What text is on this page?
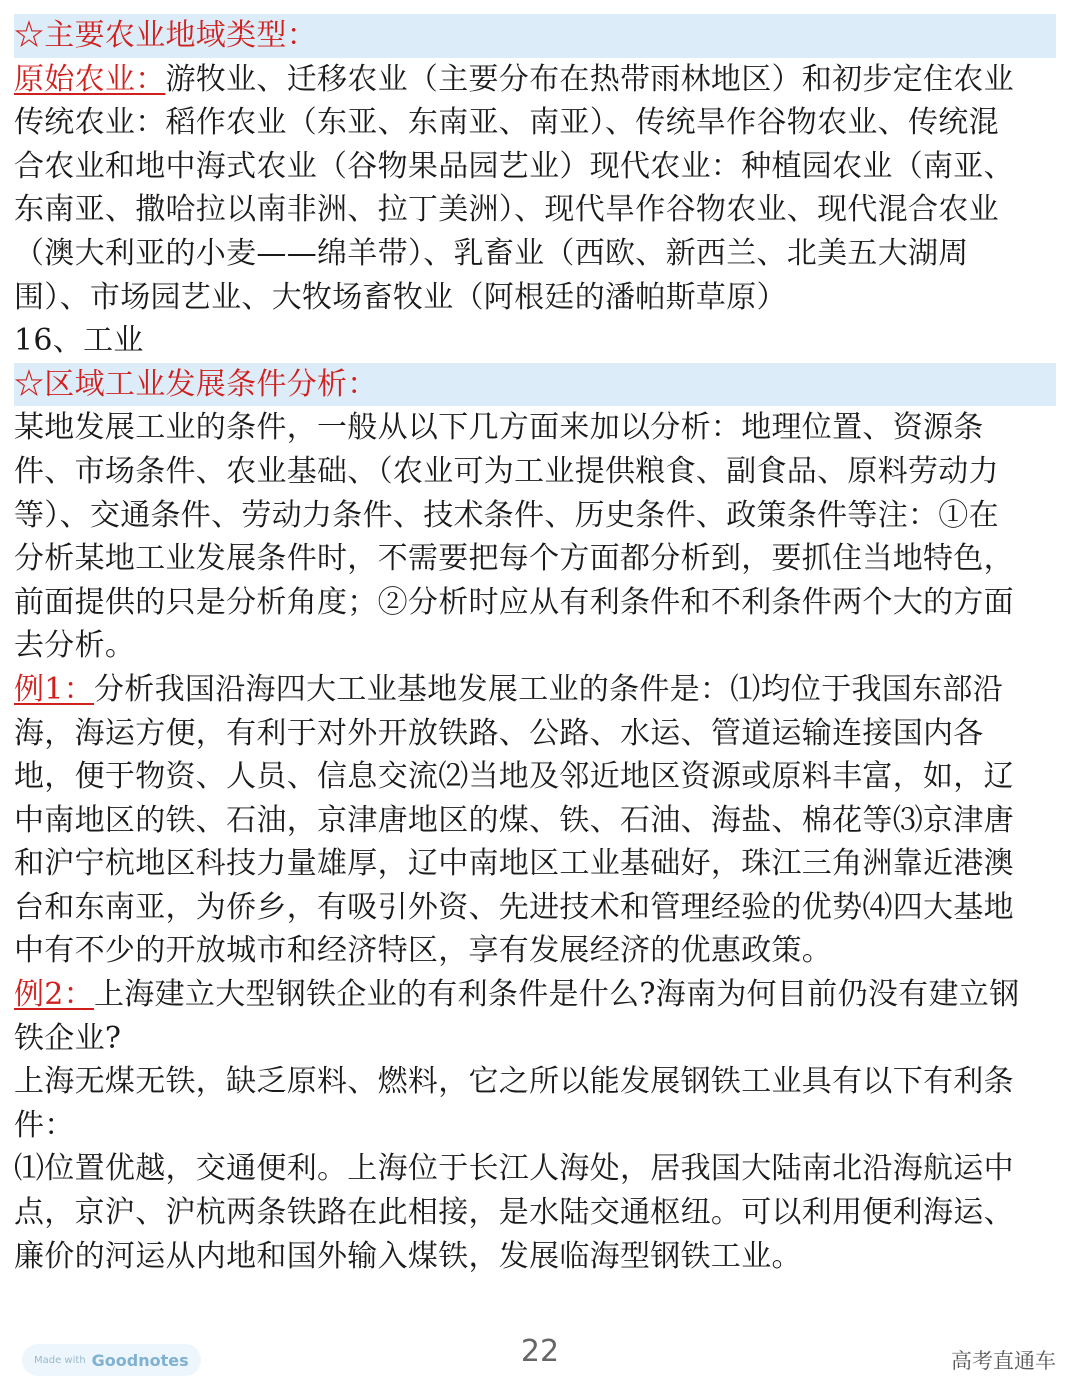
☆主要农业地域类型：
原始农业：游牧业、迁移农业（主要分布在热带雨林地区）和初步定住农业
传统农业：稻作农业（东亚、东南亚、南亚）、传统旱作谷物农业、传统混
合农业和地中海式农业（谷物果品园艺业）现代农业：种植园农业（南亚、
东南亚、撒哈拉以南非洲、拉丁美洲）、现代旱作谷物农业、现代混合农业
（澳大利亚的小麦——绵羊带）、乳畜业（西欧、新西兰、北美五大湖周
围）、市场园艺业、大牧场畜牧业（阿根廷的潘帕斯草原）
16、工业
☆区域工业发展条件分析：
某地发展工业的条件，一般从以下几方面来加以分析：地理位置、资源条
件、市场条件、农业基础、（农业可为工业提供粮食、副食品、原料劳动力
等）、交通条件、劳动力条件、技术条件、历史条件、政策条件等注：①在
分析某地工业发展条件时，不需要把每个方面都分析到，要抓住当地特色，
前面提供的只是分析角度；②分析时应从有利条件和不利条件两个大的方面
去分析。
例1：分析我国沿海四大工业基地发展工业的条件是：⑴均位于我国东部沿
海，海运方便，有利于对外开放铁路、公路、水运、管道运输连接国内各
地，便于物资、人员、信息交流⑵当地及邻近地区资源或原料丰富，如，辽
中南地区的铁、石油，京津唐地区的煤、铁、石油、海盐、棉花等⑶京津唐
和沪宁杭地区科技力量雄厚，辽中南地区工业基础好，珠江三角洲靠近港澳
台和东南亚，为侨乡，有吸引外资、先进技术和管理经验的优势⑷四大基地
中有不少的开放城市和经济特区，享有发展经济的优惠政策。
例2：上海建立大型钢铁企业的有利条件是什么?海南为何目前仍没有建立钢
铁企业?
上海无煤无铁，缺乏原料、燃料，它之所以能发展钢铁工业具有以下有利条
件：
⑴位置优越，交通便利。上海位于长江人海处，居我国大陆南北沿海航运中
点，京沪、沪杭两条铁路在此相接，是水陆交通枢纽。可以利用便利海运、
廉价的河运从内地和国外输入煤铁，发展临海型钢铁工业。
Made with Goodnotes	22	高考直通车
